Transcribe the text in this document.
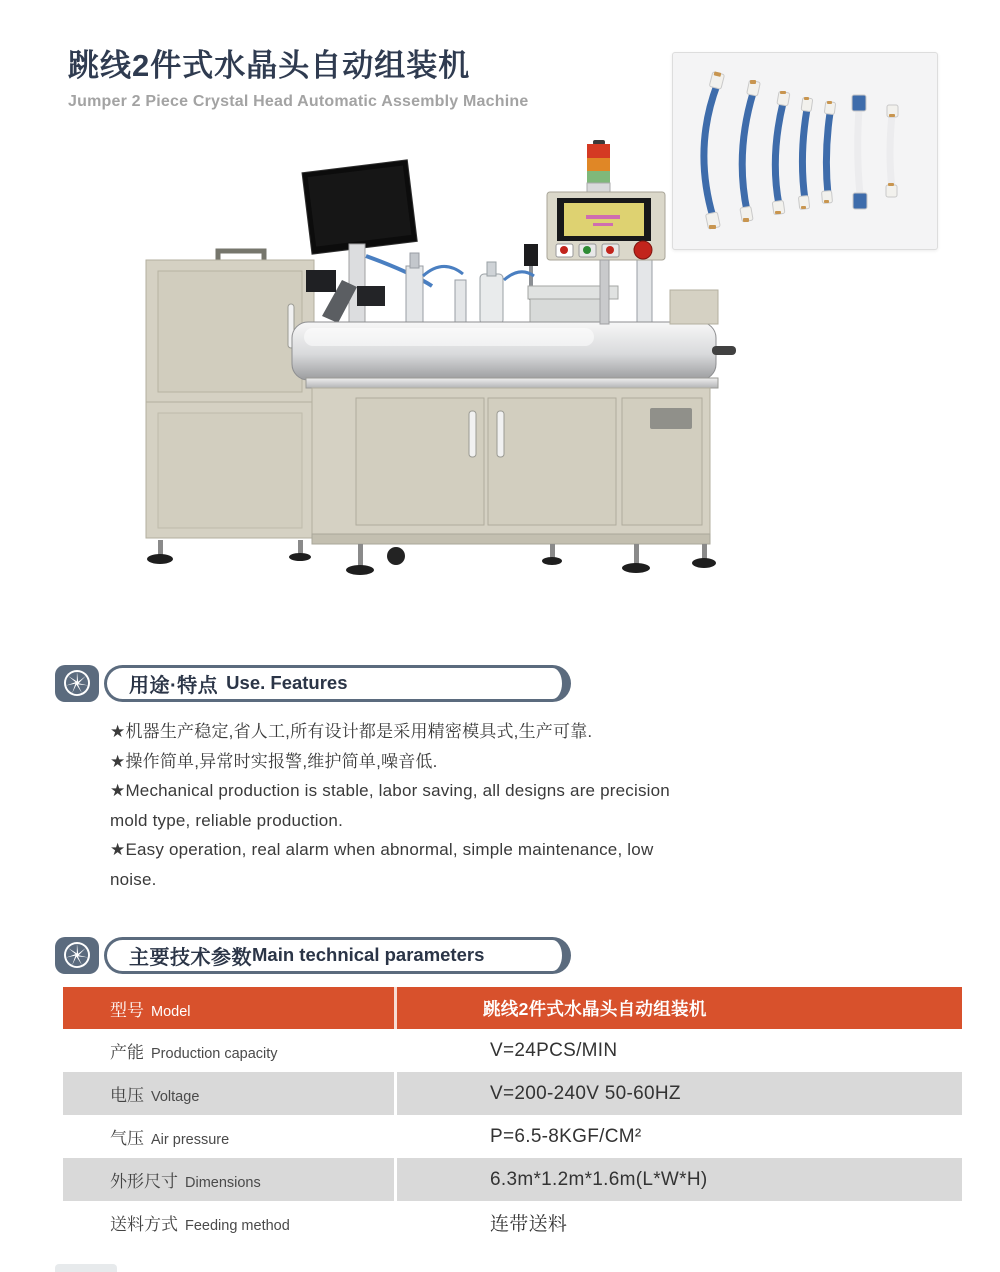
跳线2件式水晶头自动组装机
Jumper 2 Piece Crystal Head Automatic Assembly Machine
用途·特点 Use. Features
★机器生产稳定,省人工,所有设计都是采用精密模具式,生产可靠.
★操作简单,异常时实报警,维护简单,噪音低.
★Mechanical production is stable, labor saving, all designs are precision mold type, reliable production.
★Easy operation, real alarm when abnormal, simple maintenance, low noise.
主要技术参数 Main technical parameters
型号 Model	跳线2件式水晶头自动组装机
产能 Production capacity	V=24PCS/MIN
电压 Voltage	V=200-240V 50-60HZ
气压 Air pressure	P=6.5-8KGF/CM²
外形尺寸 Dimensions	6.3m*1.2m*1.6m(L*W*H)
送料方式 Feeding method	连带送料
